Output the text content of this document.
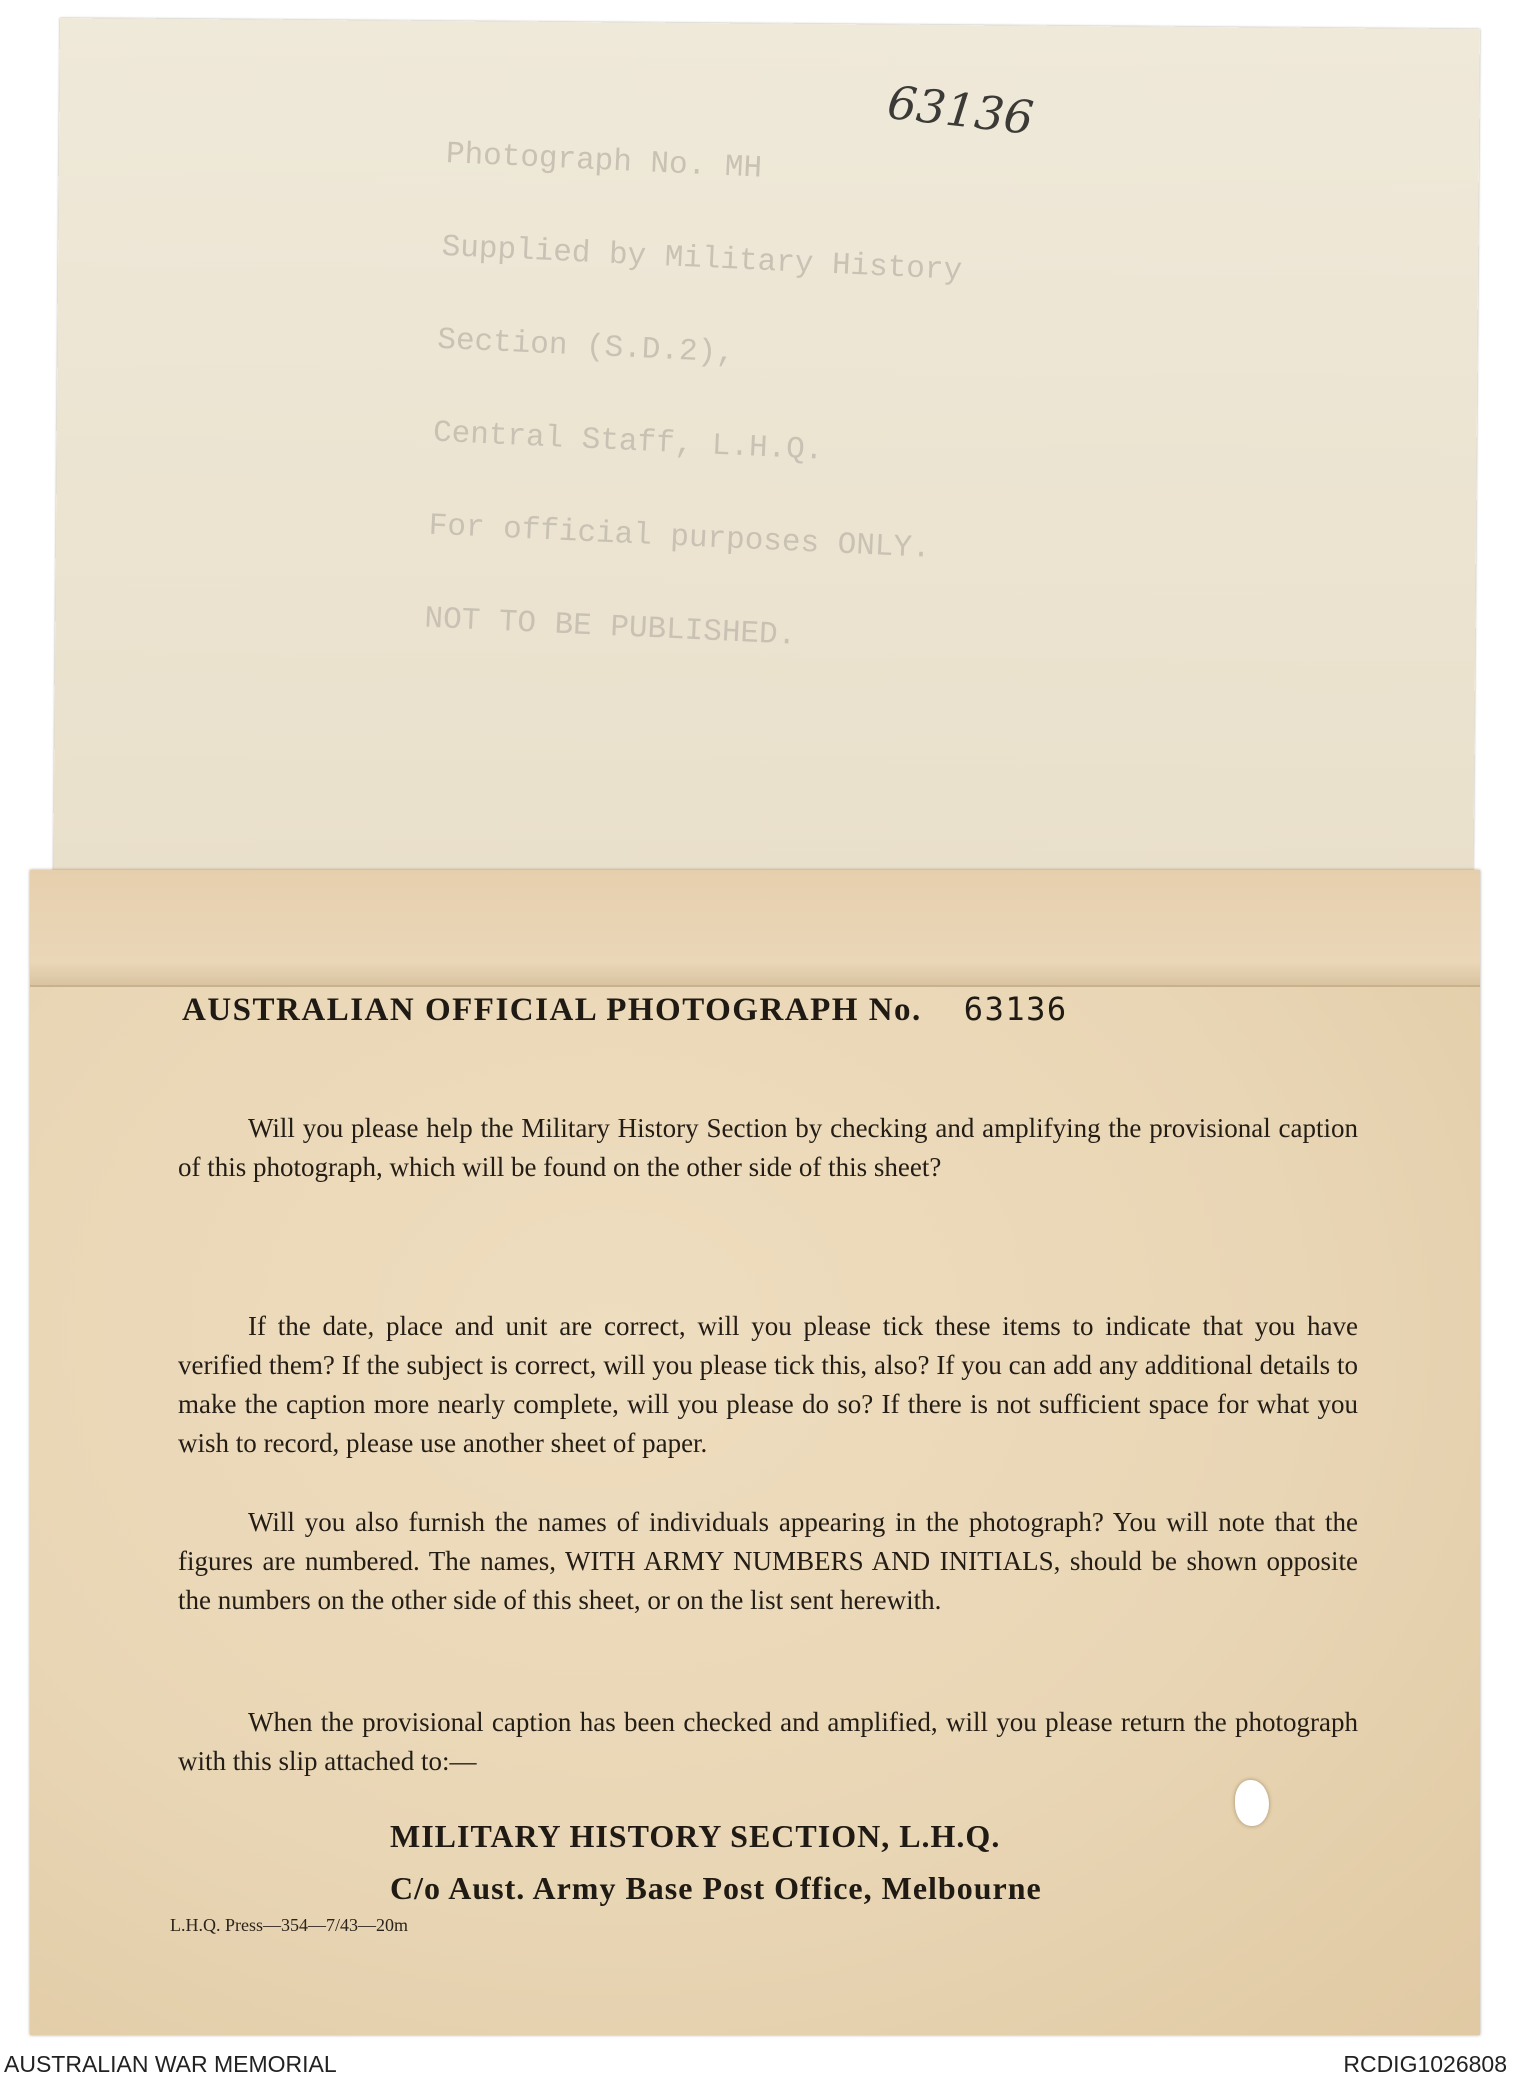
Photograph No. MH

Supplied by Military History

Section (S.D.2),

Central Staff, L.H.Q.

For official purposes ONLY.

NOT TO BE PUBLISHED.

63136
AUSTRALIAN OFFICIAL PHOTOGRAPH No. 63136

Will you please help the Military History Section by checking and amplifying the provisional caption of this photograph, which will be found on the other side of this sheet?

If the date, place and unit are correct, will you please tick these items to indicate that you have verified them? If the subject is correct, will you please tick this, also? If you can add any additional details to make the caption more nearly complete, will you please do so? If there is not sufficient space for what you wish to record, please use another sheet of paper.

Will you also furnish the names of individuals appearing in the photograph? You will note that the figures are numbered. The names, WITH ARMY NUMBERS AND INITIALS, should be shown opposite the numbers on the other side of this sheet, or on the list sent herewith.

When the provisional caption has been checked and amplified, will you please return the photograph with this slip attached to:—

MILITARY HISTORY SECTION, L.H.Q.
C/o Aust. Army Base Post Office, Melbourne
L.H.Q. Press—354—7/43—20m
AUSTRALIAN WAR MEMORIAL	RCDIG1026808
